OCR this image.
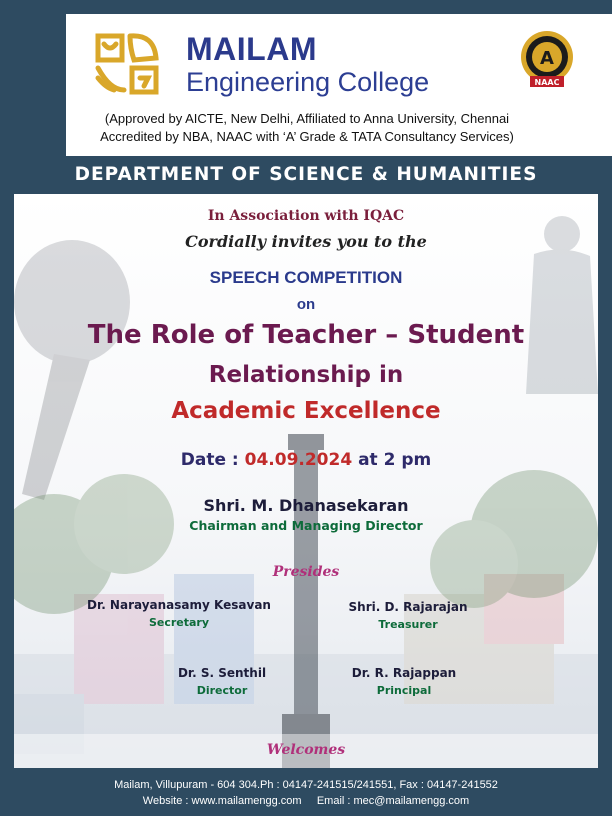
MAILAM
Engineering College
A
NAAC
(Approved by AICTE, New Delhi, Affiliated to Anna University, Chennai
Accredited by NBA, NAAC with ‘A’ Grade & TATA Consultancy Services)
DEPARTMENT OF SCIENCE & HUMANITIES
In Association with IQAC
Cordially invites you to the
SPEECH COMPETITION
on
The Role of Teacher – Student
Relationship in
Academic Excellence
Date : 04.09.2024 at 2 pm
Shri. M. Dhanasekaran
Chairman and Managing Director
Presides
Dr. Narayanasamy Kesavan
Secretary
Shri. D. Rajarajan
Treasurer
Dr. S. Senthil
Director
Dr. R. Rajappan
Principal
Welcomes
Mailam, Villupuram - 604 304.Ph : 04147-241515/241551, Fax : 04147-241552
Website : www.mailamengg.com     Email : mec@mailamengg.com
